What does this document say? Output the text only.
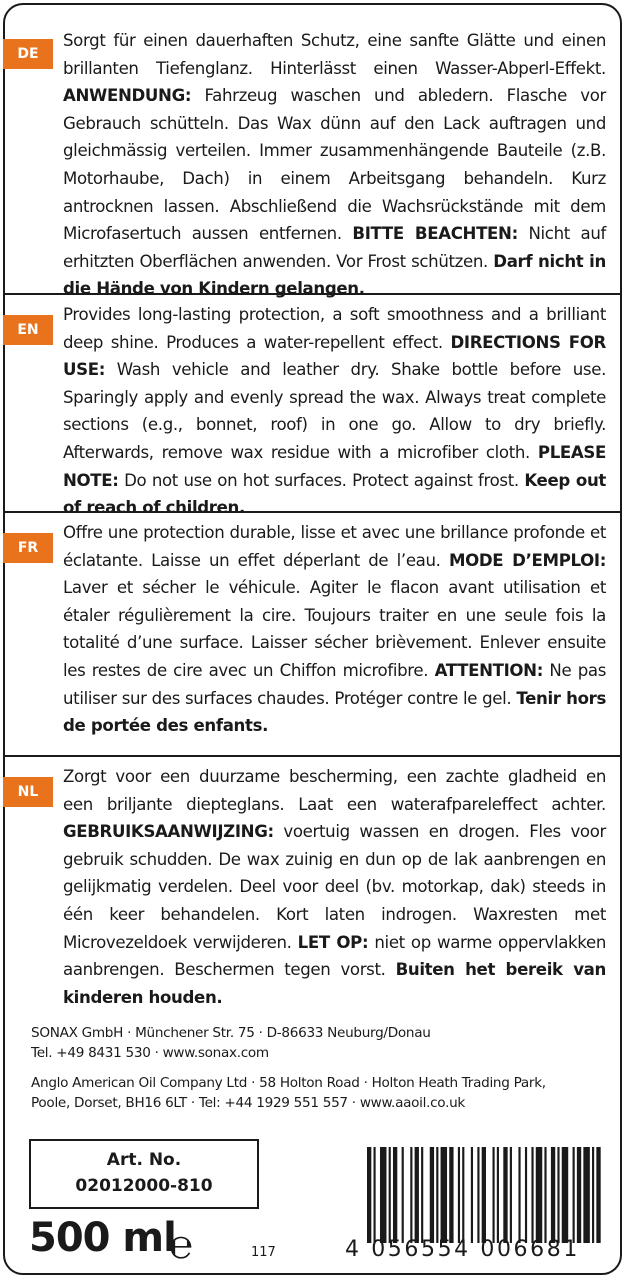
DE
Sorgt für einen dauerhaften Schutz, eine sanfte Glätte und einen brillanten Tiefenglanz. Hinterlässt einen Wasser-Abperl-Effekt. ANWENDUNG: Fahrzeug waschen und abledern. Flasche vor Gebrauch schütteln. Das Wax dünn auf den Lack auftragen und gleichmässig verteilen. Immer zusammenhängende Bauteile (z.B. Motorhaube, Dach) in einem Arbeitsgang behandeln. Kurz antrocknen lassen. Abschließend die Wachsrückstände mit dem Microfasertuch aussen entfernen. BITTE BEACHTEN: Nicht auf erhitzten Oberflächen anwenden. Vor Frost schützen. Darf nicht in die Hände von Kindern gelangen.
EN
Provides long-lasting protection, a soft smoothness and a brilliant deep shine. Produces a water-repellent effect. DIRECTIONS FOR USE: Wash vehicle and leather dry. Shake bottle before use. Sparingly apply and evenly spread the wax. Always treat complete sections (e.g., bonnet, roof) in one go. Allow to dry briefly. Afterwards, remove wax residue with a microfiber cloth. PLEASE NOTE: Do not use on hot surfaces. Protect against frost. Keep out of reach of children.
FR
Offre une protection durable, lisse et avec une brillance profonde et éclatante. Laisse un effet déperlant de l’eau. MODE D’EMPLOI: Laver et sécher le véhicule. Agiter le flacon avant utilisation et étaler régulièrement la cire. Toujours traiter en une seule fois la totalité d’une surface. Laisser sécher brièvement. Enlever ensuite les restes de cire avec un Chiffon microfibre. ATTENTION: Ne pas utiliser sur des surfaces chaudes. Protéger contre le gel. Tenir hors de portée des enfants.
NL
Zorgt voor een duurzame bescherming, een zachte gladheid en een briljante diepteglans. Laat een waterafpareleffect achter. GEBRUIKSAANWIJZING: voertuig wassen en drogen. Fles voor gebruik schudden. De wax zuinig en dun op de lak aanbrengen en gelijkmatig verdelen. Deel voor deel (bv. motorkap, dak) steeds in één keer behandelen. Kort laten indrogen. Waxresten met Microvezeldoek verwijderen. LET OP: niet op warme oppervlakken aanbrengen. Beschermen tegen vorst. Buiten het bereik van kinderen houden.
SONAX GmbH · Münchener Str. 75 · D-86633 Neuburg/Donau
Tel. +49 8431 530 · www.sonax.com
Anglo American Oil Company Ltd · 58 Holton Road · Holton Heath Trading Park,
Poole, Dorset, BH16 6LT · Tel: +44 1929 551 557 · www.aaoil.co.uk
Art. No.
02012000-810
500 ml
℮	117	4 056554 006681
